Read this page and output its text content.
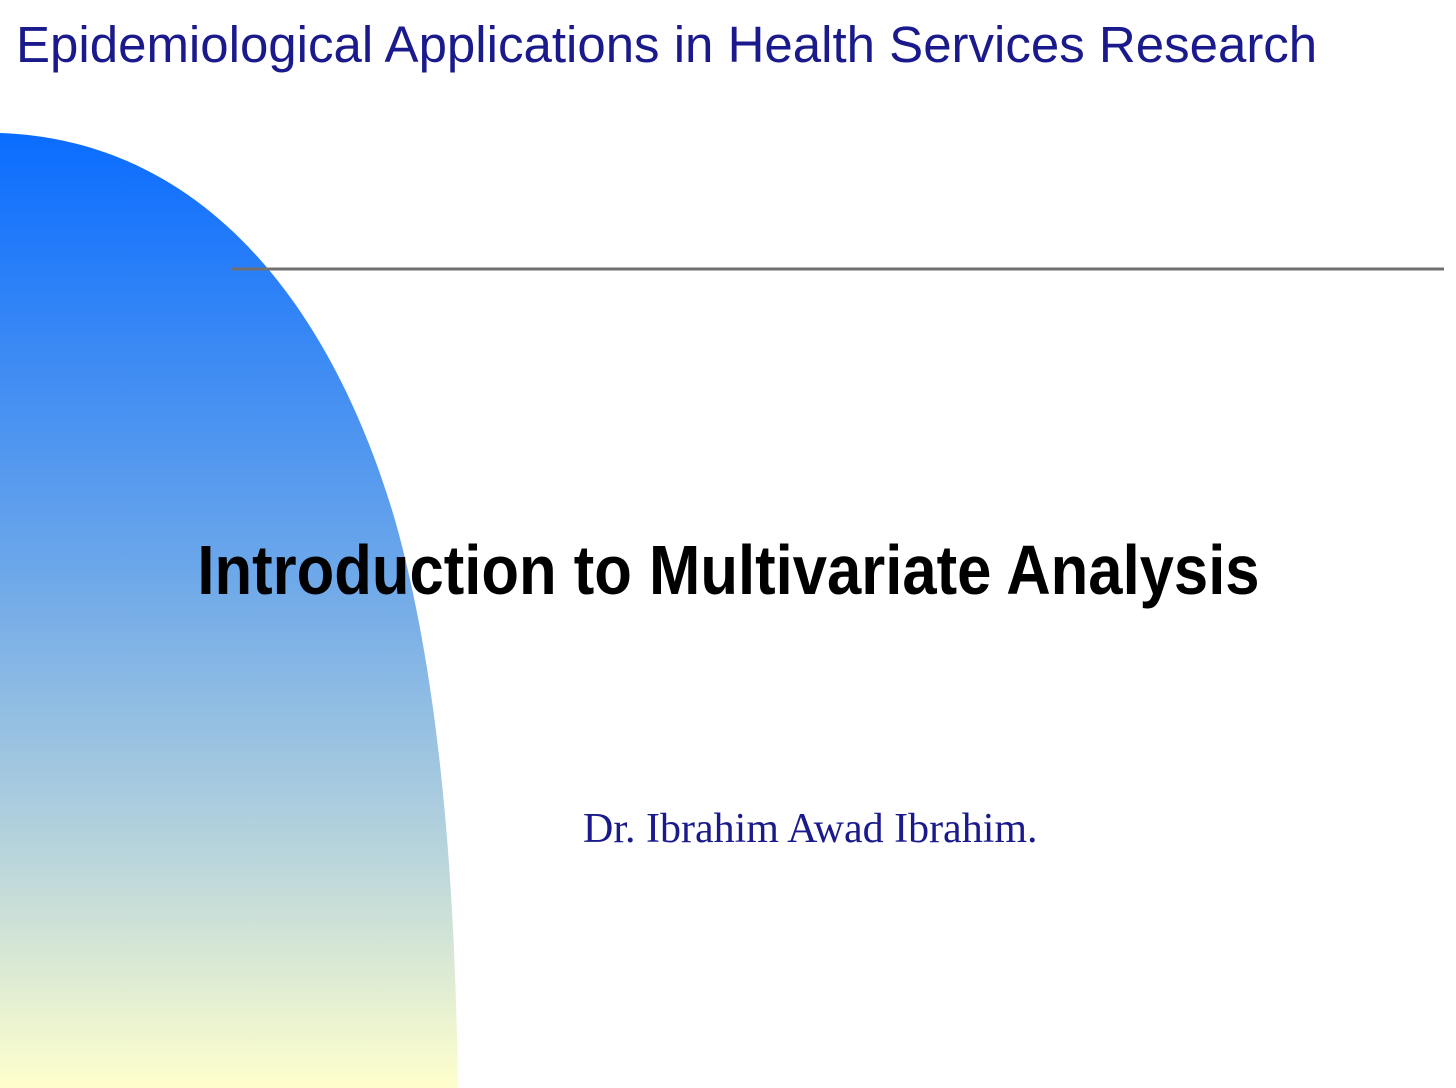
Epidemiological Applications in Health Services Research
Introduction to Multivariate Analysis
Dr. Ibrahim Awad Ibrahim.
